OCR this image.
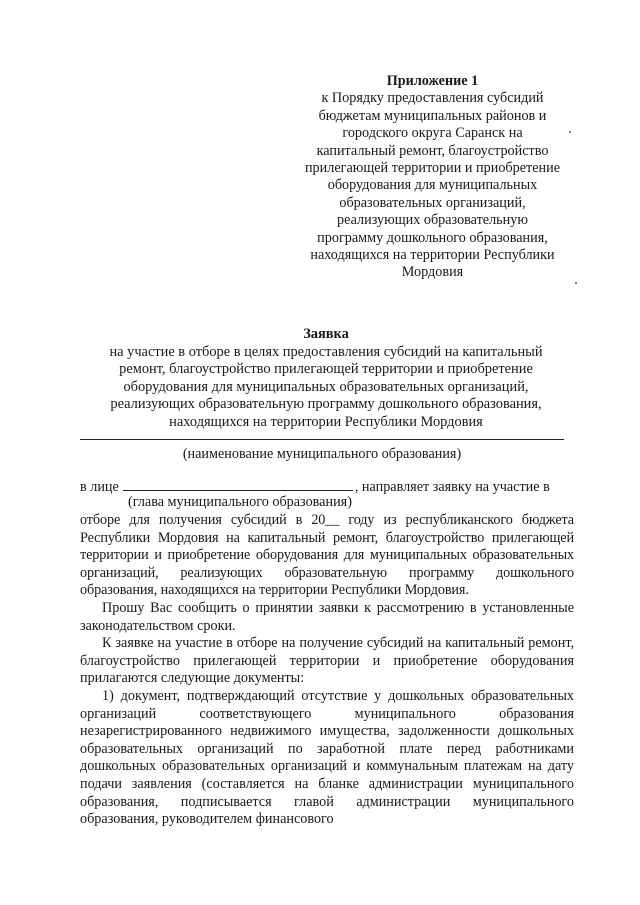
Приложение 1
к Порядку предоставления субсидий
бюджетам муниципальных районов и
городского округа Саранск на
капитальный ремонт, благоустройство
прилегающей территории и приобретение
оборудования для муниципальных
образовательных организаций,
реализующих образовательную
программу дошкольного образования,
находящихся на территории Республики
Мордовия
Заявка
на участие в отборе в целях предоставления субсидий на капитальный
ремонт, благоустройство прилегающей территории и приобретение
оборудования для муниципальных образовательных организаций,
реализующих образовательную программу дошкольного образования,
находящихся на территории Республики Мордовия
(наименование муниципального образования)
в лице	, направляет заявку на участие в
(глава муниципального образования)

отборе для получения субсидий в 20__ году из республиканского бюджета Республики Мордовия на капитальный ремонт, благоустройство прилегающей территории и приобретение оборудования для муниципальных образовательных организаций, реализующих образовательную программу дошкольного образования, находящихся на территории Республики Мордовия.

Прошу Вас сообщить о принятии заявки к рассмотрению в установленные законодательством сроки.

К заявке на участие в отборе на получение субсидий на капитальный ремонт, благоустройство прилегающей территории и приобретение оборудования прилагаются следующие документы:

1) документ, подтверждающий отсутствие у дошкольных образовательных организаций соответствующего муниципального образования незарегистрированного недвижимого имущества, задолженности дошкольных образовательных организаций по заработной плате перед работниками дошкольных образовательных организаций и коммунальным платежам на дату подачи заявления (составляется на бланке администрации муниципального образования, подписывается главой администрации муниципального образования, руководителем финансового
